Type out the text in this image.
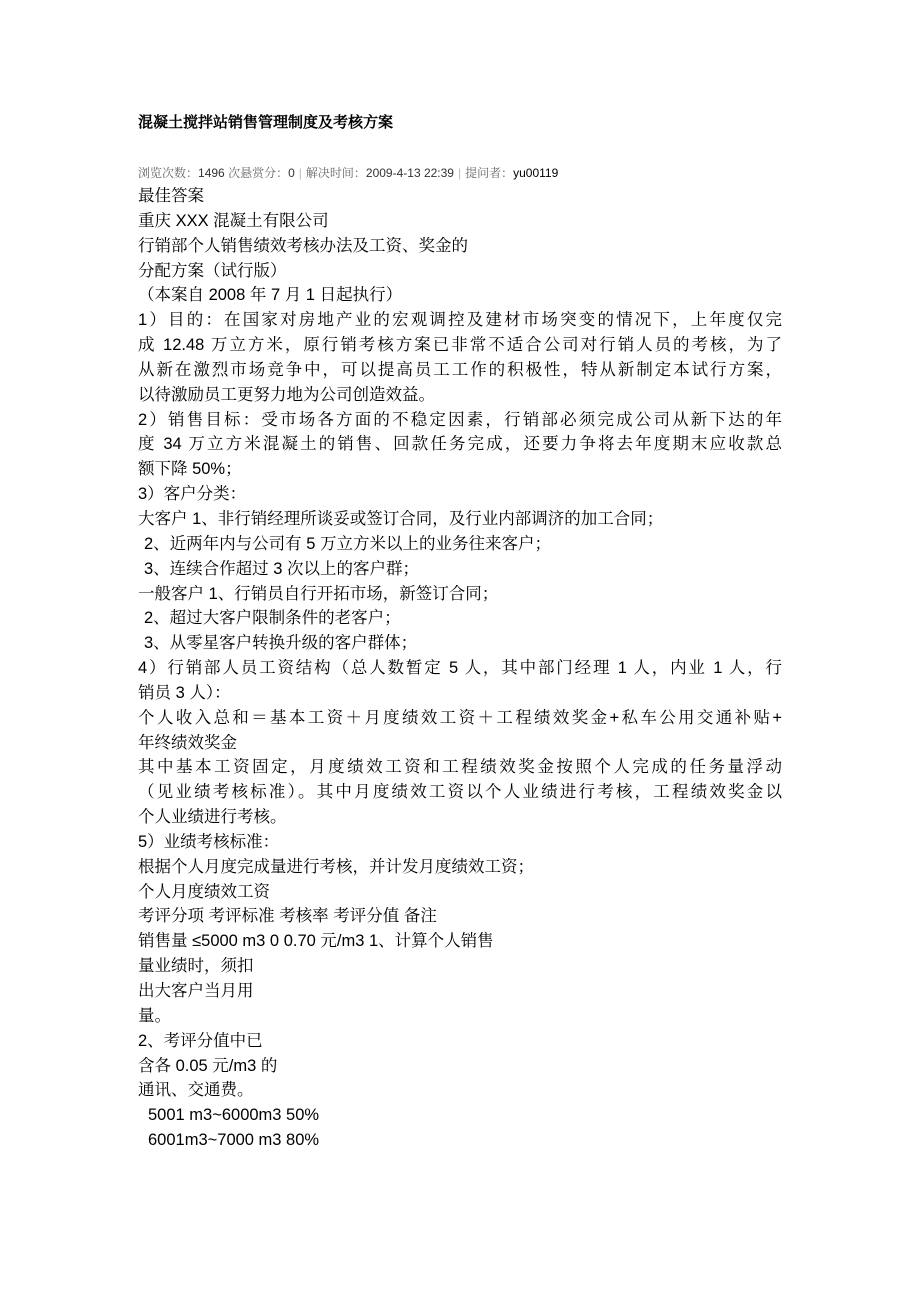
混凝土搅拌站销售管理制度及考核方案
浏览次数：1496 次悬赏分：0 | 解决时间：2009-4-13 22:39 | 提问者：yu00119
最佳答案
重庆 XXX 混凝土有限公司
行销部个人销售绩效考核办法及工资、奖金的
分配方案（试行版）
（本案自 2008 年 7 月 1 日起执行）
1）目的：在国家对房地产业的宏观调控及建材市场突变的情况下，上年度仅完
成 12.48 万立方米，原行销考核方案已非常不适合公司对行销人员的考核，为了
从新在激烈市场竞争中，可以提高员工工作的积极性，特从新制定本试行方案，
以待激励员工更努力地为公司创造效益。
2）销售目标：受市场各方面的不稳定因素，行销部必须完成公司从新下达的年
度 34 万立方米混凝土的销售、回款任务完成，还要力争将去年度期末应收款总
额下降 50%；
3）客户分类：
大客户 1、非行销经理所谈妥或签订合同，及行业内部调济的加工合同；
2、近两年内与公司有 5 万立方米以上的业务往来客户；
3、连续合作超过 3 次以上的客户群；
一般客户 1、行销员自行开拓市场，新签订合同；
2、超过大客户限制条件的老客户；
3、从零星客户转换升级的客户群体；
4）行销部人员工资结构（总人数暂定 5 人，其中部门经理 1 人，内业 1 人，行
销员 3 人）：
个人收入总和＝基本工资＋月度绩效工资＋工程绩效奖金+私车公用交通补贴+
年终绩效奖金
其中基本工资固定，月度绩效工资和工程绩效奖金按照个人完成的任务量浮动
（见业绩考核标准）。其中月度绩效工资以个人业绩进行考核，工程绩效奖金以
个人业绩进行考核。
5）业绩考核标准：
根据个人月度完成量进行考核，并计发月度绩效工资；
个人月度绩效工资
考评分项 考评标准 考核率 考评分值 备注
销售量 ≤5000 m3 0 0.70 元/m3 1、计算个人销售
量业绩时，须扣
出大客户当月用
量。
2、考评分值中已
含各 0.05 元/m3 的
通讯、交通费。
5001 m3~6000m3 50%
6001m3~7000 m3 80%
